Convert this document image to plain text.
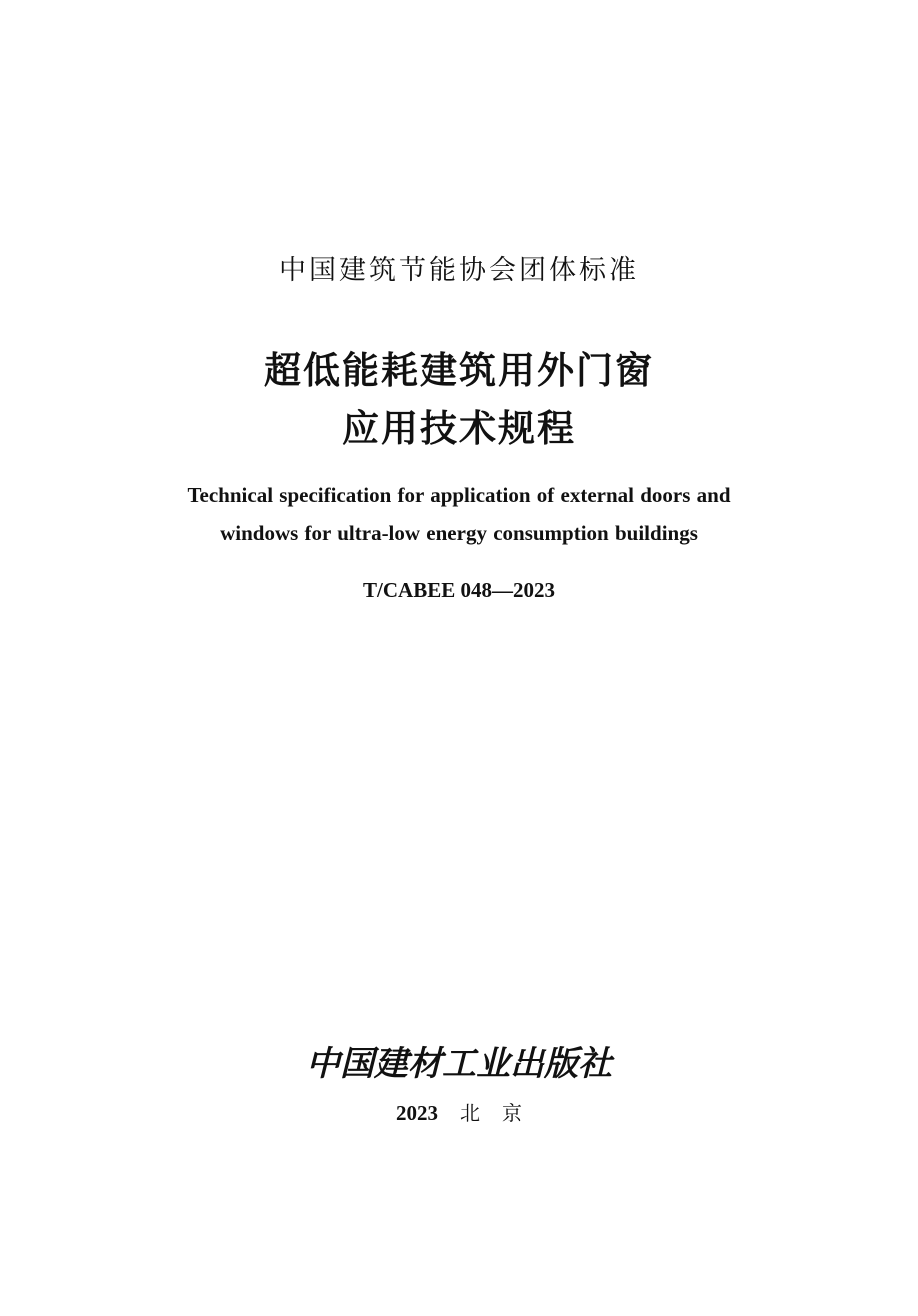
中国建筑节能协会团体标准
超低能耗建筑用外门窗
应用技术规程
Technical specification for application of external doors and
windows for ultra-low energy consumption buildings
T/CABEE 048—2023
中国建材工业出版社
2023 北京
